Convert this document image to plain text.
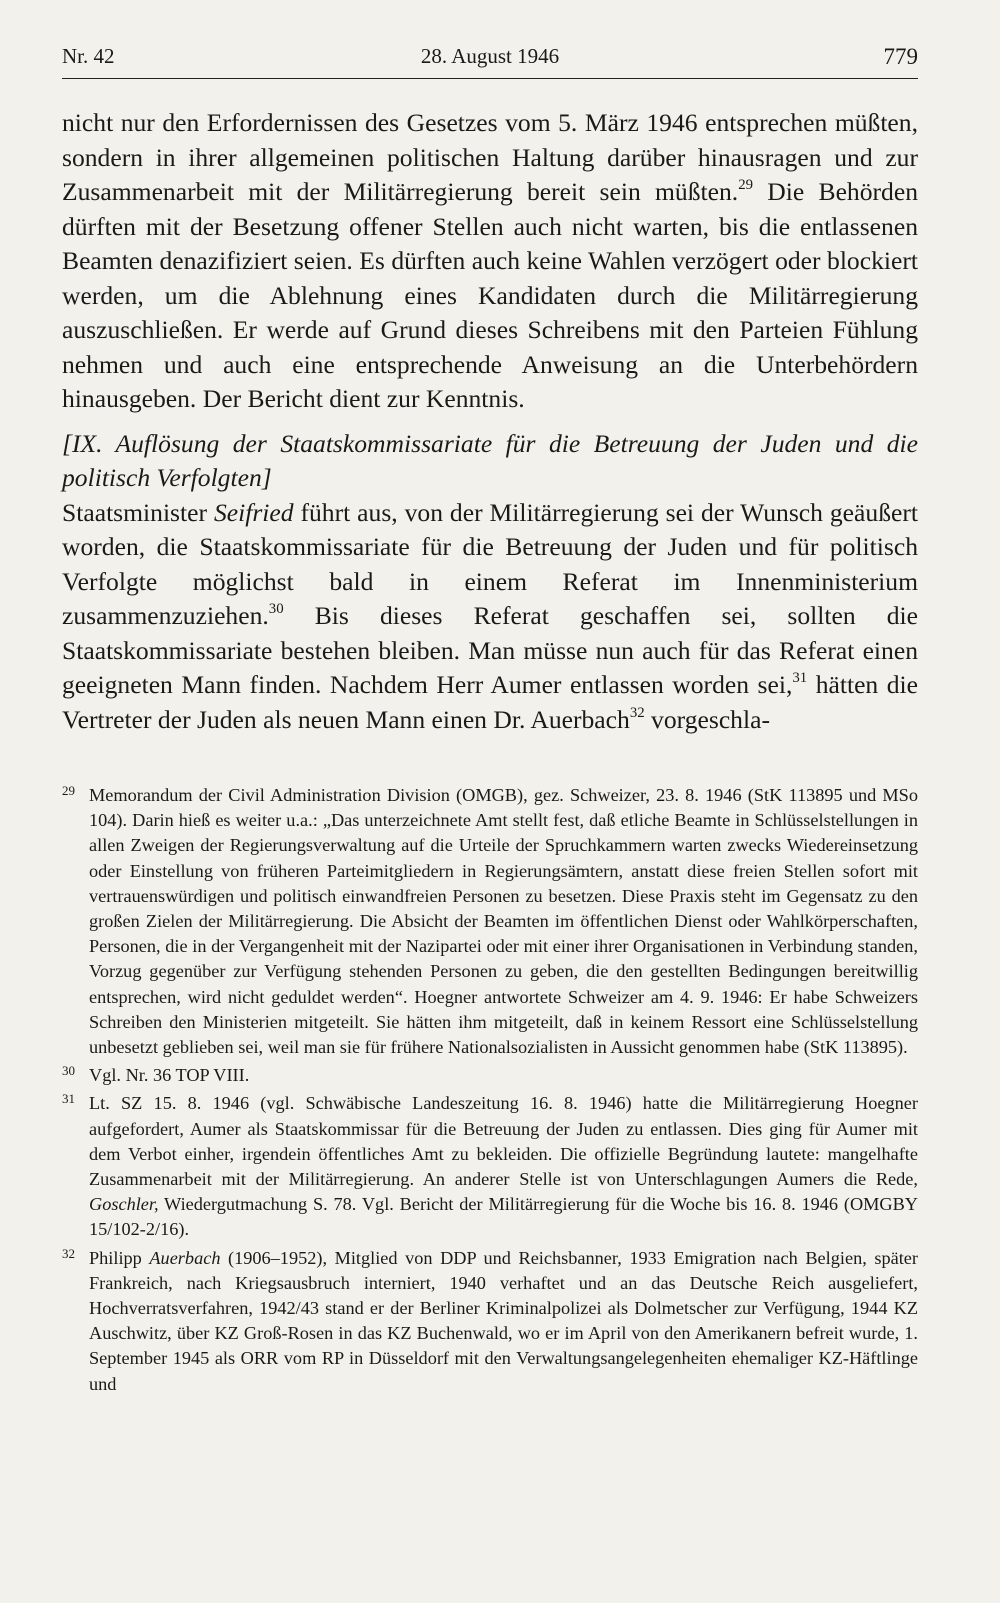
28. August 1946
Nr. 42	779

nicht nur den Erfordernissen des Gesetzes vom 5. März 1946 entsprechen müßten, sondern in ihrer allgemeinen politischen Haltung darüber hinausragen und zur Zusammenarbeit mit der Militärregierung bereit sein müßten.$^{29}$ Die Behörden dürften mit der Besetzung offener Stellen auch nicht warten, bis die entlassenen Beamten denazifiziert seien. Es dürften auch keine Wahlen verzögert oder blockiert werden, um die Ablehnung eines Kandidaten durch die Militärregierung auszuschließen. Er werde auf Grund dieses Schreibens mit den Parteien Fühlung nehmen und auch eine entsprechende Anweisung an die Unterbehördern hinausgeben. Der Bericht dient zur Kenntnis.

[IX. Auflösung der Staatskommissariate für die Betreuung der Juden und die politisch Verfolgten]

Staatsminister Seifried führt aus, von der Militärregierung sei der Wunsch geäußert worden, die Staatskommissariate für die Betreuung der Juden und für politisch Verfolgte möglichst bald in einem Referat im Innenministerium zusammenzuziehen.$^{30}$ Bis dieses Referat geschaffen sei, sollten die Staatskommissariate bestehen bleiben. Man müsse nun auch für das Referat einen geeigneten Mann finden. Nachdem Herr Aumer entlassen worden sei,$^{31}$ hätten die Vertreter der Juden als neuen Mann einen Dr. Auerbach$^{32}$ vorgeschla-

29 Memorandum der Civil Administration Division (OMGB), gez. Schweizer, 23. 8. 1946 (StK 113895 und MSo 104). Darin hieß es weiter u.a.: „Das unterzeichnete Amt stellt fest, daß etliche Beamte in Schlüsselstellungen in allen Zweigen der Regierungsverwaltung auf die Urteile der Spruchkammern warten zwecks Wiedereinsetzung oder Einstellung von früheren Parteimitgliedern in Regierungsämtern, anstatt diese freien Stellen sofort mit vertrauenswürdigen und politisch einwandfreien Personen zu besetzen. Diese Praxis steht im Gegensatz zu den großen Zielen der Militärregierung. Die Absicht der Beamten im öffentlichen Dienst oder Wahlkörperschaften, Personen, die in der Vergangenheit mit der Nazipartei oder mit einer ihrer Organisationen in Verbindung standen, Vorzug gegenüber zur Verfügung stehenden Personen zu geben, die den gestellten Bedingungen bereitwillig entsprechen, wird nicht geduldet werden“. Hoegner antwortete Schweizer am 4. 9. 1946: Er habe Schweizers Schreiben den Ministerien mitgeteilt. Sie hätten ihm mitgeteilt, daß in keinem Ressort eine Schlüsselstellung unbesetzt geblieben sei, weil man sie für frühere Nationalsozialisten in Aussicht genommen habe (StK 113895).
30 Vgl. Nr. 36 TOP VIII.
31 Lt. SZ 15. 8. 1946 (vgl. Schwäbische Landeszeitung 16. 8. 1946) hatte die Militärregierung Hoegner aufgefordert, Aumer als Staatskommissar für die Betreuung der Juden zu entlassen. Dies ging für Aumer mit dem Verbot einher, irgendein öffentliches Amt zu bekleiden. Die offizielle Begründung lautete: mangelhafte Zusammenarbeit mit der Militärregierung. An anderer Stelle ist von Unterschlagungen Aumers die Rede, Goschler, Wiedergutmachung S. 78. Vgl. Bericht der Militärregierung für die Woche bis 16. 8. 1946 (OMGBY 15/102-2/16).
32 Philipp Auerbach (1906–1952), Mitglied von DDP und Reichsbanner, 1933 Emigration nach Belgien, später Frankreich, nach Kriegsausbruch interniert, 1940 verhaftet und an das Deutsche Reich ausgeliefert, Hochverratsverfahren, 1942/43 stand er der Berliner Kriminalpolizei als Dolmetscher zur Verfügung, 1944 KZ Auschwitz, über KZ Groß-Rosen in das KZ Buchenwald, wo er im April von den Amerikanern befreit wurde, 1. September 1945 als ORR vom RP in Düsseldorf mit den Verwaltungsangelegenheiten ehemaliger KZ-Häftlinge und
